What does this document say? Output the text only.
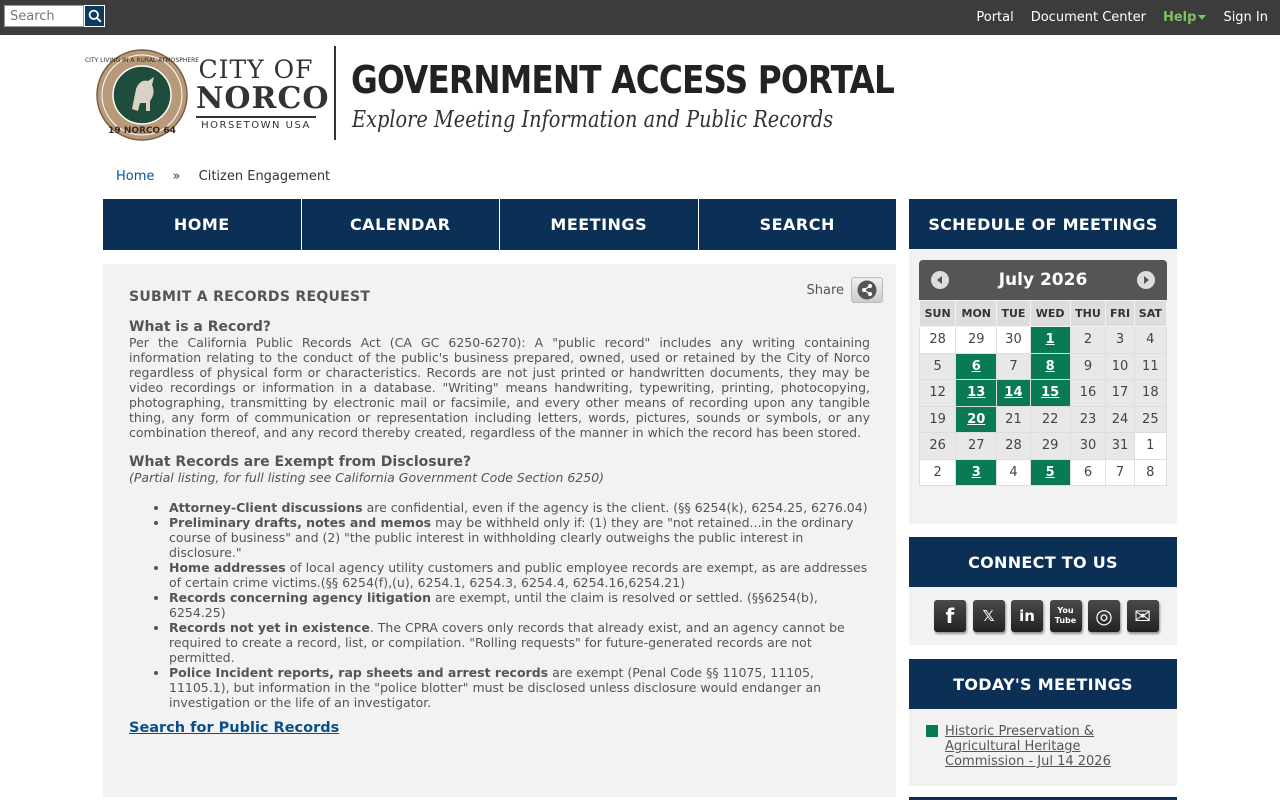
Search
Portal Document Center Help	Sign In
19 NORCO 64
CITY LIVING IN A RURAL ATMOSPHERE CITY OF
NORCO
HORSETOWN USA
GOVERNMENT ACCESS PORTAL
Explore Meeting Information and Public Records
Home » Citizen Engagement
HOME	CALENDAR	MEETINGS	SEARCH
Share
SUBMIT A RECORDS REQUEST
What is a Record?
Per the California Public Records Act (CA GC 6250-6270): A "public record" includes any writing containing information relating to the conduct of the public's business prepared, owned, used or retained by the City of Norco regardless of physical form or characteristics. Records are not just printed or handwritten documents, they may be video recordings or information in a database. "Writing" means handwriting, typewriting, printing, photocopying, photographing, transmitting by electronic mail or facsimile, and every other means of recording upon any tangible thing, any form of communication or representation including letters, words, pictures, sounds or symbols, or any combination thereof, and any record thereby created, regardless of the manner in which the record has been stored.
What Records are Exempt from Disclosure?
(Partial listing, for full listing see California Government Code Section 6250)
• Attorney-Client discussions are confidential, even if the agency is the client. (§§ 6254(k), 6254.25, 6276.04)
• Preliminary drafts, notes and memos may be withheld only if: (1) they are "not retained...in the ordinary course of business" and (2) "the public interest in withholding clearly outweighs the public interest in disclosure."
• Home addresses of local agency utility customers and public employee records are exempt, as are addresses of certain crime victims.(§§ 6254(f),(u), 6254.1, 6254.3, 6254.4, 6254.16,6254.21)
• Records concerning agency litigation are exempt, until the claim is resolved or settled. (§§6254(b), 6254.25)
• Records not yet in existence. The CPRA covers only records that already exist, and an agency cannot be required to create a record, list, or compilation. "Rolling requests" for future-generated records are not permitted.
• Police Incident reports, rap sheets and arrest records are exempt (Penal Code §§ 11075, 11105, 11105.1), but information in the "police blotter" must be disclosed unless disclosure would endanger an investigation or the life of an investigator.
Search for Public Records
SCHEDULE OF MEETINGS
July 2026
SUN	MON	TUE	WED	THU	FRI	SAT
28	29	30	1	2	3	4
5	6	7	8	9	10	11
12	13	14	15	16	17	18
19	20	21	22	23	24	25
26	27	28	29	30	31	1
2	3	4	5	6	7	8
CONNECT TO US
f	𝕏	in	You Tube ◎	✉
TODAY'S MEETINGS
Historic Preservation & Agricultural Heritage Commission - Jul 14 2026
